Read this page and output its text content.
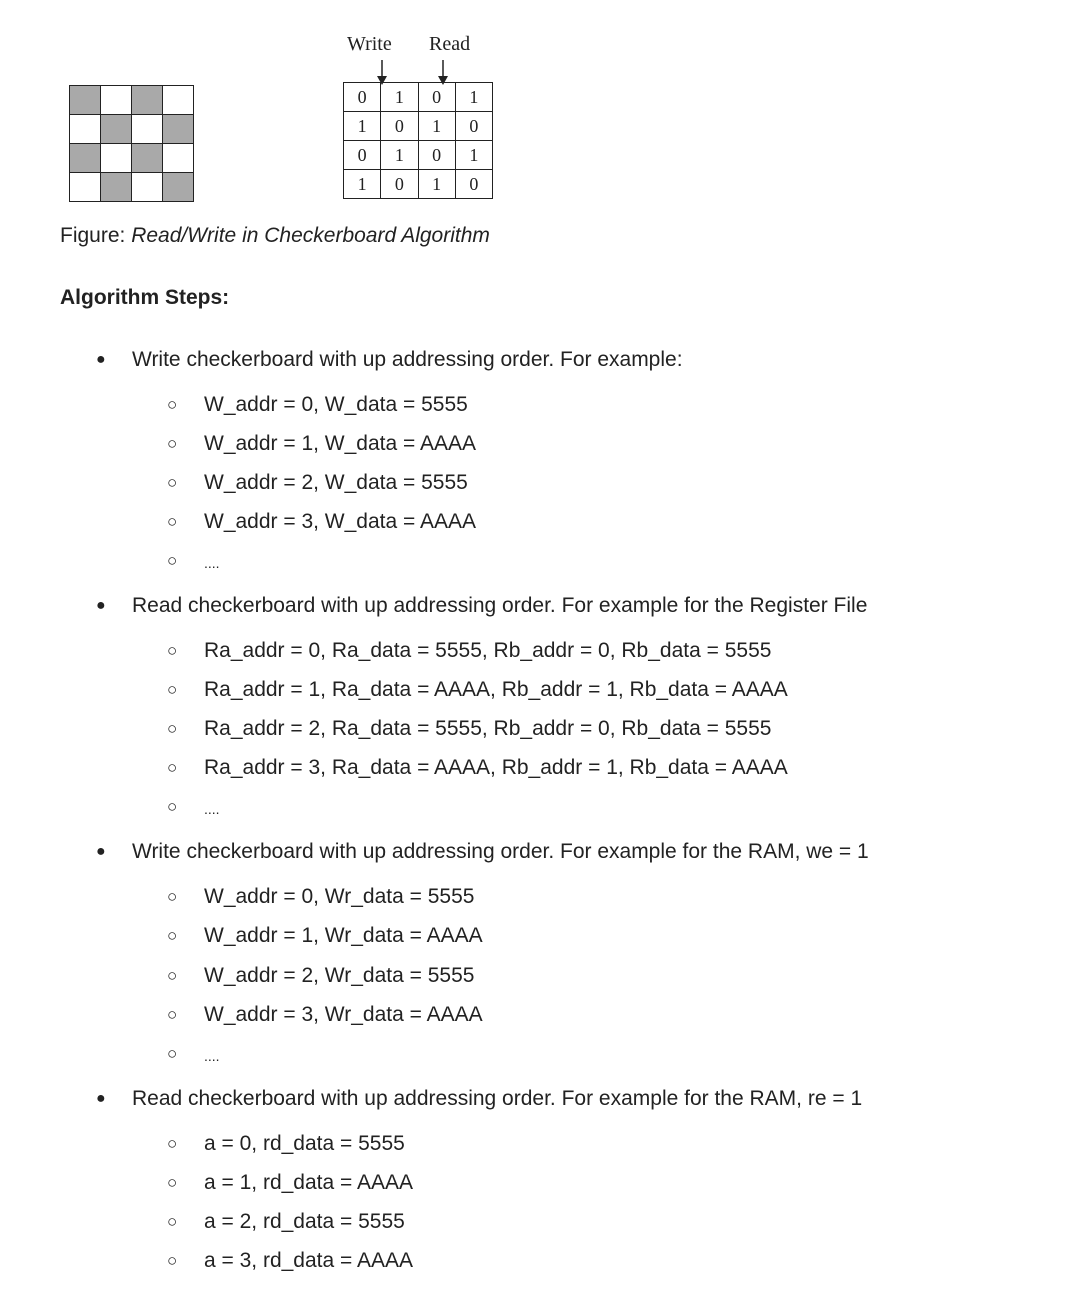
Write Read
0	1	0	1
1	0	1	0
0	1	0	1
1	0	1	0
Figure: Read/Write in Checkerboard Algorithm
Algorithm Steps:
● Write checkerboard with up addressing order. For example:
○ W_addr = 0, W_data = 5555
○ W_addr = 1, W_data = AAAA
○ W_addr = 2, W_data = 5555
○ W_addr = 3, W_data = AAAA
○ ....
● Read checkerboard with up addressing order. For example for the Register File
○ Ra_addr = 0, Ra_data = 5555, Rb_addr = 0, Rb_data = 5555
○ Ra_addr = 1, Ra_data = AAAA, Rb_addr = 1, Rb_data = AAAA
○ Ra_addr = 2, Ra_data = 5555, Rb_addr = 0, Rb_data = 5555
○ Ra_addr = 3, Ra_data = AAAA, Rb_addr = 1, Rb_data = AAAA
○ ....
● Write checkerboard with up addressing order. For example for the RAM, we = 1
○ W_addr = 0, Wr_data = 5555
○ W_addr = 1, Wr_data = AAAA
○ W_addr = 2, Wr_data = 5555
○ W_addr = 3, Wr_data = AAAA
○ ....
● Read checkerboard with up addressing order. For example for the RAM, re = 1
○ a = 0, rd_data = 5555
○ a = 1, rd_data = AAAA
○ a = 2, rd_data = 5555
○ a = 3, rd_data = AAAA
